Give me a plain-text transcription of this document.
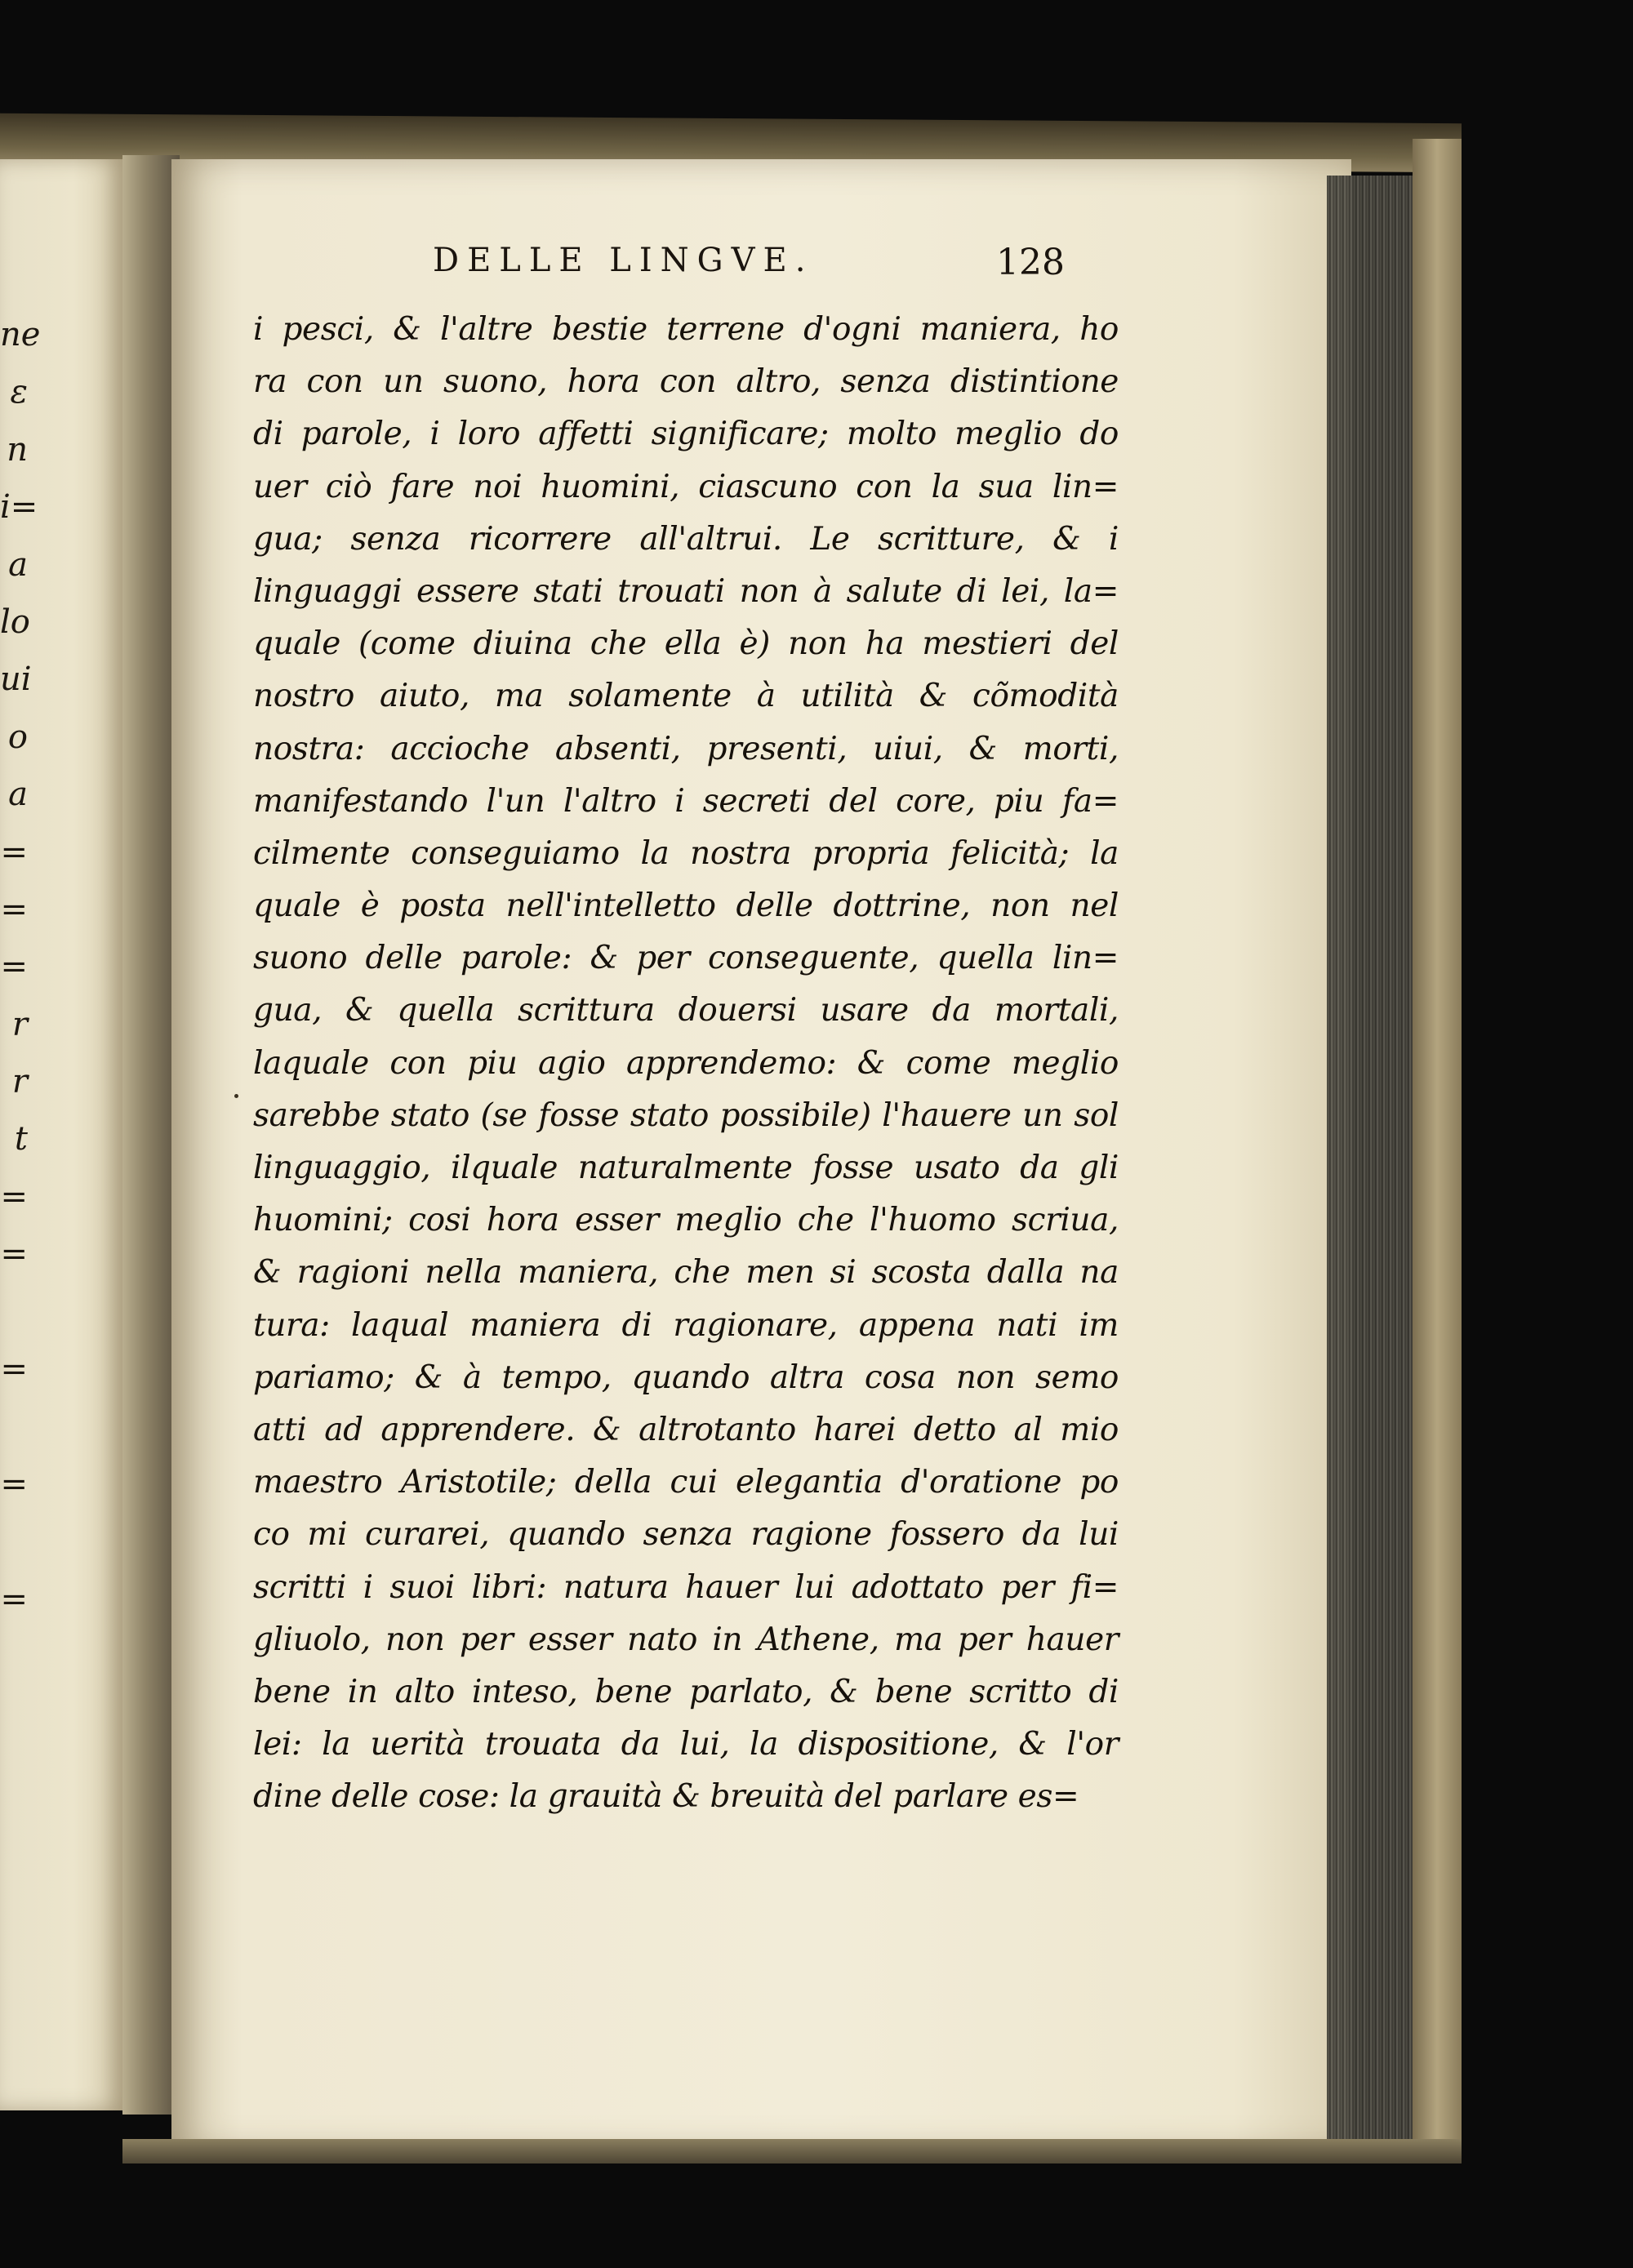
ne
ɛ
n
i=
a
lo
ui
o
a
=
=
=
r
r
t
=
=
=
=
=
DELLE LINGVE.	128
i pesci, & l'altre bestie terrene d'ogni maniera, ho
ra con un suono, hora con altro, senza distintione
di parole, i loro affetti significare; molto meglio do
uer ciò fare noi huomini, ciascuno con la sua lin=
gua; senza ricorrere all'altrui. Le scritture, & i
linguaggi essere stati trouati non à salute di lei, la=
quale (come diuina che ella è) non ha mestieri del
nostro aiuto, ma solamente à utilità & cõmodità
nostra: accioche absenti, presenti, uiui, & morti,
manifestando l'un l'altro i secreti del core, piu fa=
cilmente conseguiamo la nostra propria felicità; la
quale è posta nell'intelletto delle dottrine, non nel
suono delle parole: & per conseguente, quella lin=
gua, & quella scrittura douersi usare da mortali,
laquale con piu agio apprendemo: & come meglio
sarebbe stato (se fosse stato possibile) l'hauere un sol
linguaggio, ilquale naturalmente fosse usato da gli
huomini; cosi hora esser meglio che l'huomo scriua,
& ragioni nella maniera, che men si scosta dalla na
tura: laqual maniera di ragionare, appena nati im
pariamo; & à tempo, quando altra cosa non semo
atti ad apprendere. & altrotanto harei detto al mio
maestro Aristotile; della cui elegantia d'oratione po
co mi curarei, quando senza ragione fossero da lui
scritti i suoi libri: natura hauer lui adottato per fi=
gliuolo, non per esser nato in Athene, ma per hauer
bene in alto inteso, bene parlato, & bene scritto di
lei: la uerità trouata da lui, la dispositione, & l'or
dine delle cose: la grauità & breuità del parlare es=
